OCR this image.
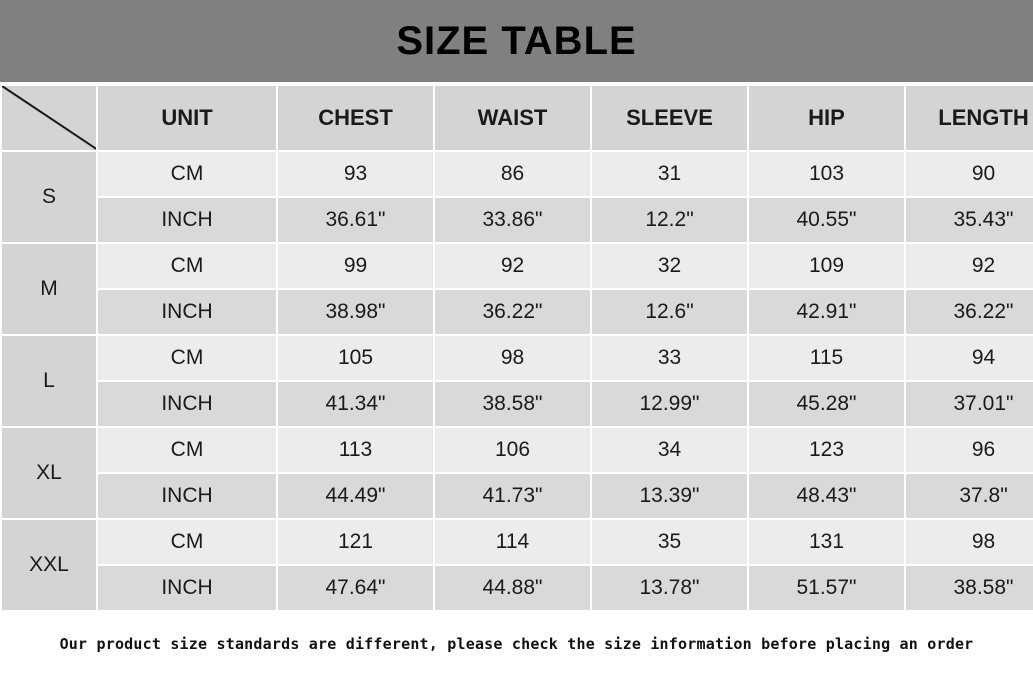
SIZE TABLE
	UNIT	CHEST	WAIST	SLEEVE	HIP	LENGTH
S	CM	93	86	31	103	90
	INCH	36.61"	33.86"	12.2"	40.55"	35.43"
M	CM	99	92	32	109	92
	INCH	38.98"	36.22"	12.6"	42.91"	36.22"
L	CM	105	98	33	115	94
	INCH	41.34"	38.58"	12.99"	45.28"	37.01"
XL	CM	113	106	34	123	96
	INCH	44.49"	41.73"	13.39"	48.43"	37.8"
XXL	CM	121	114	35	131	98
	INCH	47.64"	44.88"	13.78"	51.57"	38.58"
Our product size standards are different, please check the size information before placing an order
